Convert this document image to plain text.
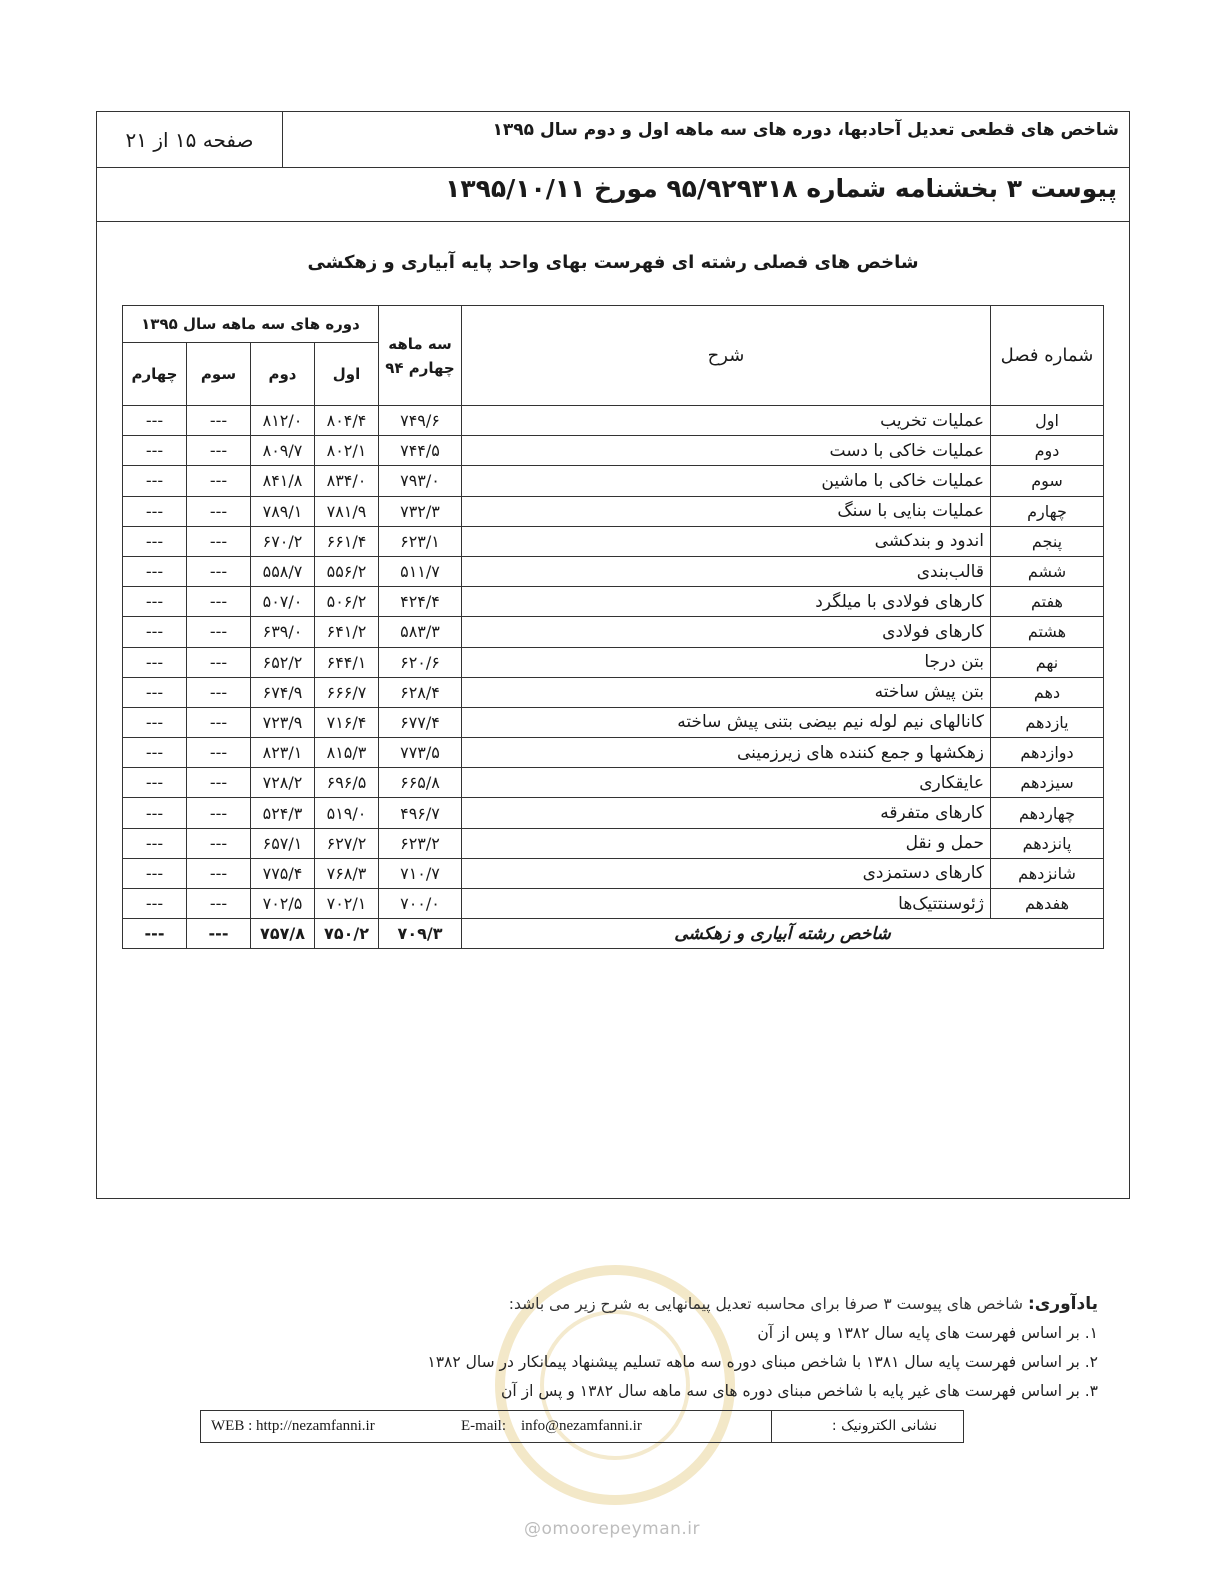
صفحه ۱۵ از ۲۱	شاخص های قطعی تعدیل آحادبها، دوره های سه ماهه اول و دوم سال ۱۳۹۵
پیوست ۳ بخشنامه شماره ۹۵/۹۲۹۳۱۸ مورخ ۱۳۹۵/۱۰/۱۱
شاخص های فصلی رشته ای فهرست بهای واحد پایه آبیاری و زهکشی
شماره فصل	شرح	سه ماهه
چهارم ۹۴	دوره های سه ماهه سال ۱۳۹۵			
			اول	دوم	سوم	چهارم
اول	عملیات تخریب	۷۴۹/۶	۸۰۴/۴	۸۱۲/۰	---	---
دوم	عملیات خاکی با دست	۷۴۴/۵	۸۰۲/۱	۸۰۹/۷	---	---
سوم	عملیات خاکی با ماشین	۷۹۳/۰	۸۳۴/۰	۸۴۱/۸	---	---
چهارم	عملیات بنایی با سنگ	۷۳۲/۳	۷۸۱/۹	۷۸۹/۱	---	---
پنجم	اندود و بندکشی	۶۲۳/۱	۶۶۱/۴	۶۷۰/۲	---	---
ششم	قالب‌بندی	۵۱۱/۷	۵۵۶/۲	۵۵۸/۷	---	---
هفتم	کارهای فولادی با میلگرد	۴۲۴/۴	۵۰۶/۲	۵۰۷/۰	---	---
هشتم	کارهای فولادی	۵۸۳/۳	۶۴۱/۲	۶۳۹/۰	---	---
نهم	بتن درجا	۶۲۰/۶	۶۴۴/۱	۶۵۲/۲	---	---
دهم	بتن پیش ساخته	۶۲۸/۴	۶۶۶/۷	۶۷۴/۹	---	---
یازدهم	کانالهای نیم لوله نیم بیضی بتنی پیش ساخته	۶۷۷/۴	۷۱۶/۴	۷۲۳/۹	---	---
دوازدهم	زهکشها و جمع کننده های زیرزمینی	۷۷۳/۵	۸۱۵/۳	۸۲۳/۱	---	---
سیزدهم	عایقکاری	۶۶۵/۸	۶۹۶/۵	۷۲۸/۲	---	---
چهاردهم	کارهای متفرقه	۴۹۶/۷	۵۱۹/۰	۵۲۴/۳	---	---
پانزدهم	حمل و نقل	۶۲۳/۲	۶۲۷/۲	۶۵۷/۱	---	---
شانزدهم	کارهای دستمزدی	۷۱۰/۷	۷۶۸/۳	۷۷۵/۴	---	---
هفدهم	ژئوسنتتیک‌ها	۷۰۰/۰	۷۰۲/۱	۷۰۲/۵	---	---
شاخص رشته آبیاری و زهکشی		۷۰۹/۳	۷۵۰/۲	۷۵۷/۸	---	---
یادآوری: شاخص های پیوست ۳ صرفا برای محاسبه تعدیل پیمانهایی به شرح زیر می باشد:
۱. بر اساس فهرست های پایه سال ۱۳۸۲ و پس از آن
۲. بر اساس فهرست پایه سال ۱۳۸۱ با شاخص مبنای دوره سه ماهه تسلیم پیشنهاد پیمانکار در سال ۱۳۸۲
۳. بر اساس فهرست های غیر پایه با شاخص مبنای دوره های سه ماهه سال ۱۳۸۲ و پس از آن
نشانی الکترونیک :
WEB : http://nezamfanni.ir	E-mail:    info@nezamfanni.ir
@omoorepeyman.ir
